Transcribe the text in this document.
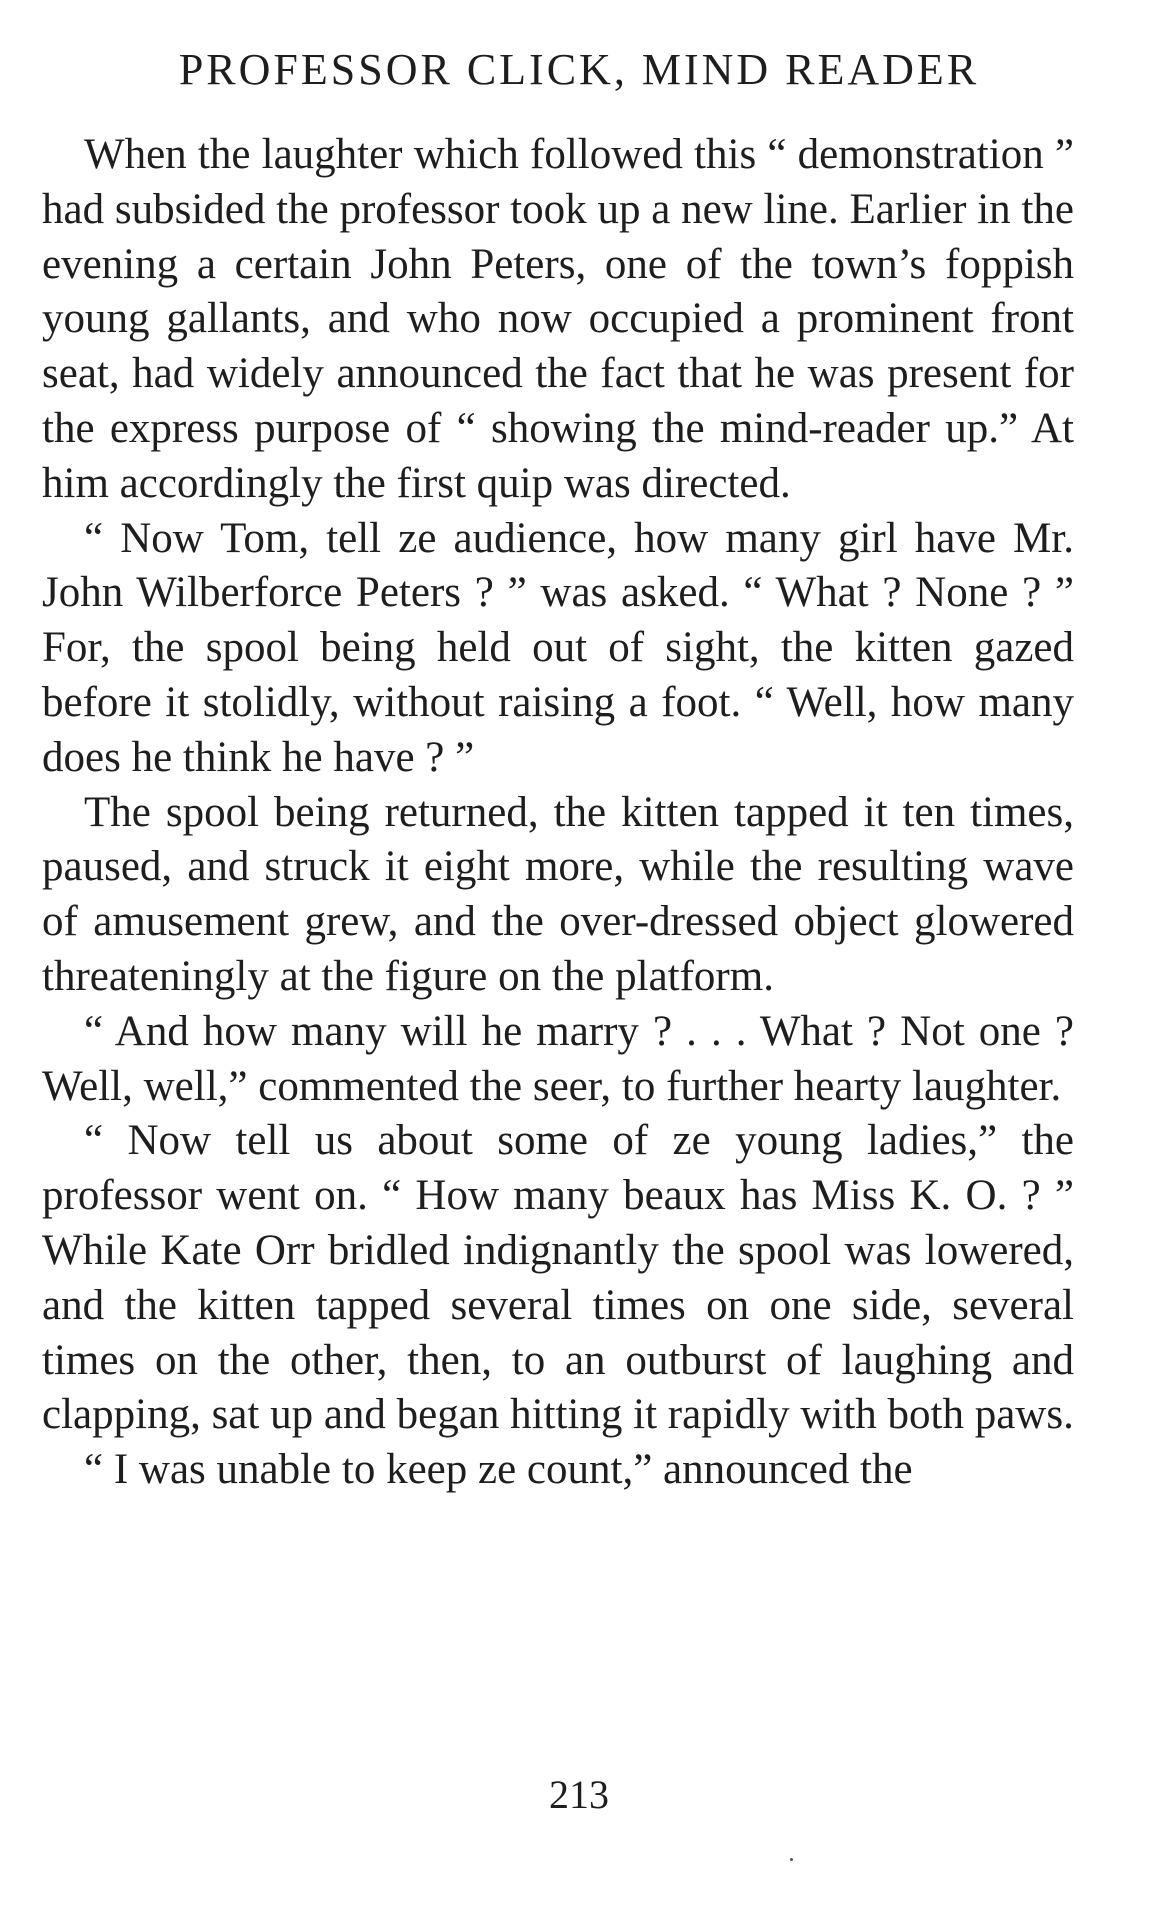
PROFESSOR CLICK, MIND READER

When the laughter which followed this “ demonstration ” had subsided the professor took up a new line. Earlier in the evening a certain John Peters, one of the town’s foppish young gallants, and who now occupied a prominent front seat, had widely announced the fact that he was present for the express purpose of “ showing the mind-reader up.” At him accordingly the first quip was directed.

“ Now Tom, tell ze audience, how many girl have Mr. John Wilberforce Peters ? ” was asked. “ What ? None ? ” For, the spool being held out of sight, the kitten gazed before it stolidly, without raising a foot. “ Well, how many does he think he have ? ”

The spool being returned, the kitten tapped it ten times, paused, and struck it eight more, while the resulting wave of amusement grew, and the over-dressed object glowered threateningly at the figure on the platform.

“ And how many will he marry ? . . . What ? Not one ? Well, well,” commented the seer, to further hearty laughter.

“ Now tell us about some of ze young ladies,” the professor went on. “ How many beaux has Miss K. O. ? ” While Kate Orr bridled indignantly the spool was lowered, and the kitten tapped several times on one side, several times on the other, then, to an outburst of laughing and clapping, sat up and began hitting it rapidly with both paws.

“ I was unable to keep ze count,” announced the

213
